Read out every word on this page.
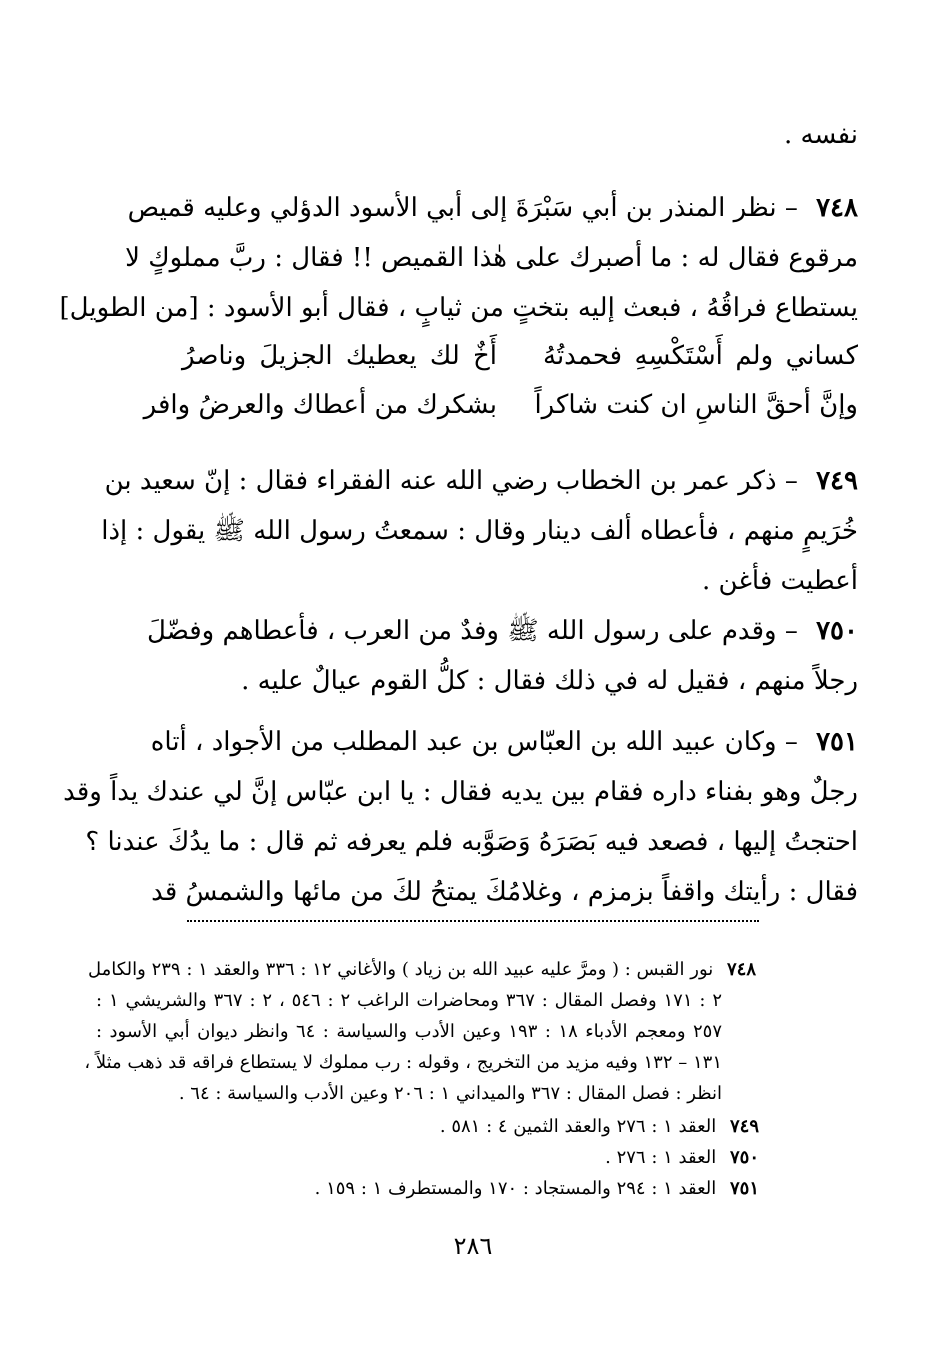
نفسه .
٧٤٨ – نظر المنذر بن أبي سَبْرَةَ إلى أبي الأسود الدؤلي وعليه قميص
مرقوع فقال له : ما أصبرك على هٰذا القميص !! فقال : ربَّ مملوكٍ لا
يستطاع فراقُهُ ، فبعث إليه بتختٍ من ثيابٍ ، فقال أبو الأسود : [من الطويل]
كساني ولم أَسْتَكْسِهِ فحمدتُهُ
أَخٌ لك يعطيك الجزيلَ وناصرُ
وإنَّ أحقَّ الناسِ ان كنت شاكراً
بشكرك من أعطاك والعرضُ وافر
٧٤٩ – ذكر عمر بن الخطاب رضي الله عنه الفقراء فقال : إنّ سعيد بن
خُرَيمٍ منهم ، فأعطاه ألف دينار وقال : سمعتُ رسول الله ﷺ يقول : إذا
أعطيت فأغن .
٧٥٠ – وقدم على رسول الله ﷺ وفدٌ من العرب ، فأعطاهم وفضّلَ
رجلاً منهم ، فقيل له في ذلك فقال : كلُّ القوم عيالٌ عليه .
٧٥١ – وكان عبيد الله بن العبّاس بن عبد المطلب من الأجواد ، أتاه
رجلٌ وهو بفناء داره فقام بين يديه فقال : يا ابن عبّاس إنَّ لي عندك يداً وقد
احتجتُ إليها ، فصعد فيه بَصَرَهُ وَصَوَّبه فلم يعرفه ثم قال : ما يدُكَ عندنا ؟
فقال : رأيتك واقفاً بزمزم ، وغلامُكَ يمتحُ لكَ من مائها والشمسُ قد
٧٤٨ نور القبس : ( ومرَّ عليه عبيد الله بن زياد ) والأغاني ١٢ : ٣٣٦ والعقد ١ : ٢٣٩ والكامل
٢ : ١٧١ وفصل المقال : ٣٦٧ ومحاضرات الراغب ٢ : ٥٤٦ ، ٢ : ٣٦٧ والشريشي ١ :
٢٥٧ ومعجم الأدباء ١٨ : ١٩٣ وعين الأدب والسياسة : ٦٤ وانظر ديوان أبي الأسود :
١٣١ – ١٣٢ وفيه مزيد من التخريج ، وقوله : رب مملوك لا يستطاع فراقه قد ذهب مثلاً ،
انظر : فصل المقال : ٣٦٧ والميداني ١ : ٢٠٦ وعين الأدب والسياسة : ٦٤ .
٧٤٩ العقد ١ : ٢٧٦ والعقد الثمين ٤ : ٥٨١ .
٧٥٠ العقد ١ : ٢٧٦ .
٧٥١ العقد ١ : ٢٩٤ والمستجاد : ١٧٠ والمستطرف ١ : ١٥٩ .
٢٨٦
